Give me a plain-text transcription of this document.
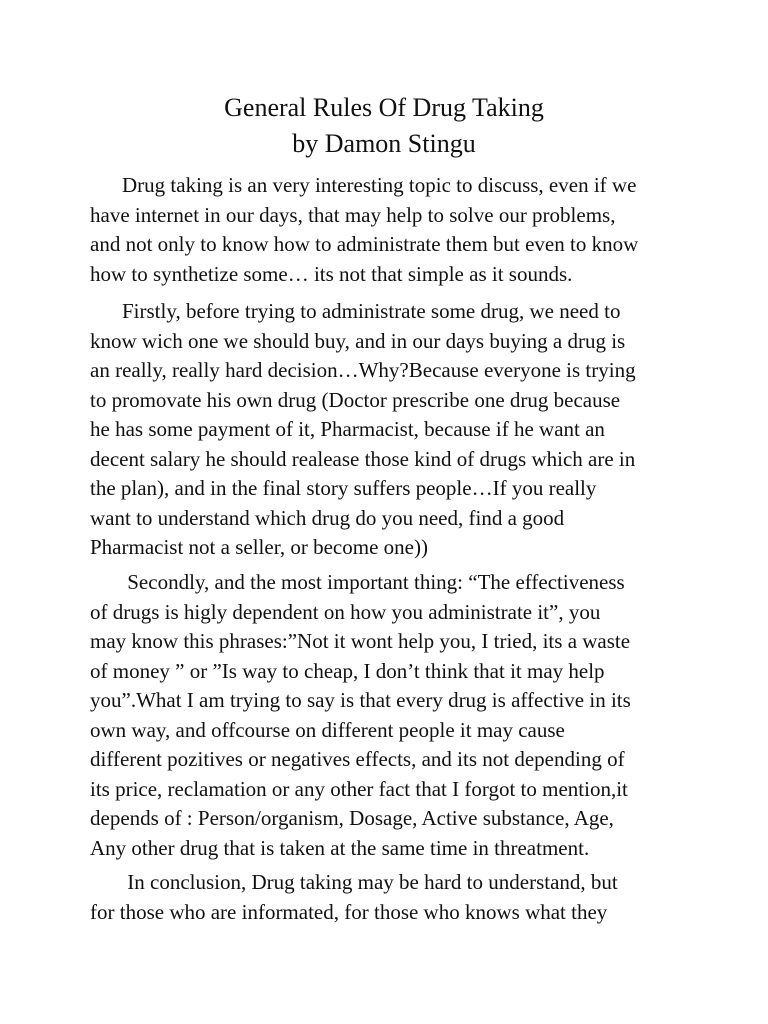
General Rules Of Drug Taking
by Damon Stingu

Drug taking is an very interesting topic to discuss, even if we
have internet in our days, that may help to solve our problems,
and not only to know how to administrate them but even to know
how to synthetize some… its not that simple as it sounds.

Firstly, before trying to administrate some drug, we need to
know wich one we should buy, and in our days buying a drug is
an really, really hard decision…Why?Because everyone is trying
to promovate his own drug (Doctor prescribe one drug because
he has some payment of it, Pharmacist, because if he want an
decent salary he should realease those kind of drugs which are in
the plan), and in the final story suffers people…If you really
want to understand which drug do you need, find a good
Pharmacist not a seller, or become one))

Secondly, and the most important thing: “The effectiveness
of drugs is higly dependent on how you administrate it”, you
may know this phrases:”Not it wont help you, I tried, its a waste
of money ” or ”Is way to cheap, I don’t think that it may help
you”.What I am trying to say is that every drug is affective in its
own way, and offcourse on different people it may cause
different pozitives or negatives effects, and its not depending of
its price, reclamation or any other fact that I forgot to mention,it
depends of : Person/organism, Dosage, Active substance, Age,
Any other drug that is taken at the same time in threatment.

In conclusion, Drug taking may be hard to understand, but
for those who are informated, for those who knows what they
